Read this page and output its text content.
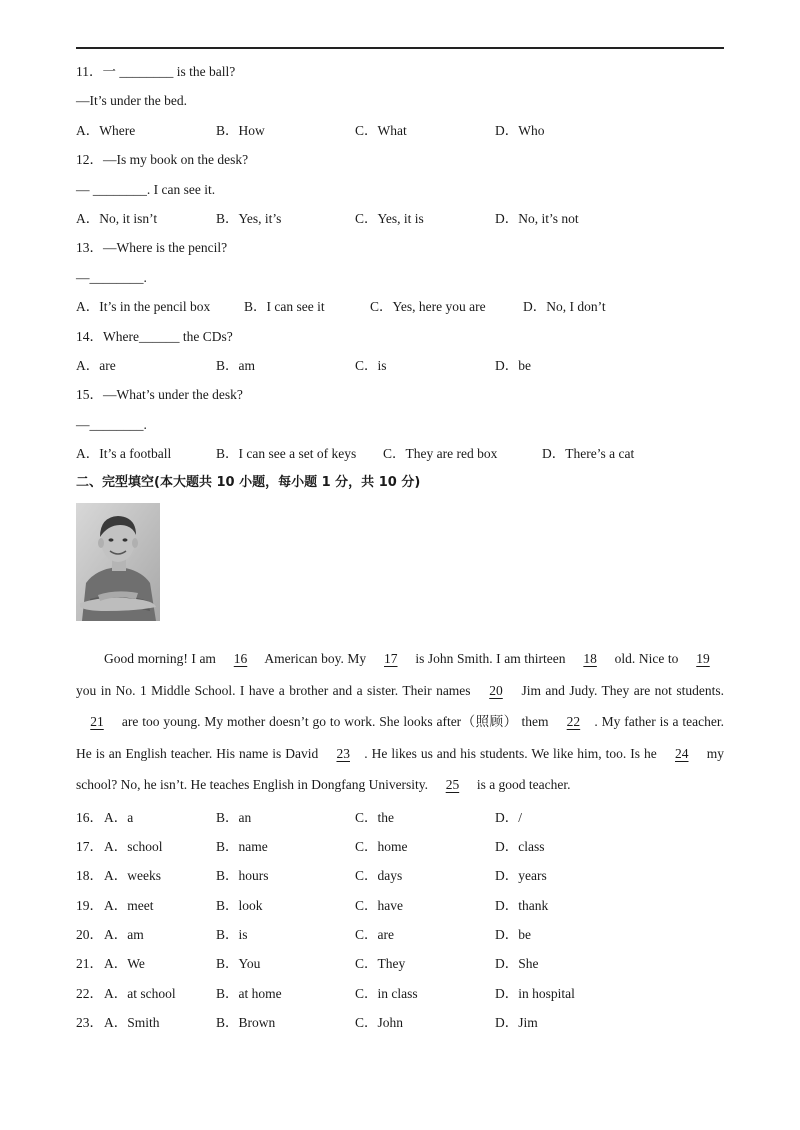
11．一 ________ is the ball?
—It’s under the bed.
A．Where	B．How	C．What	D．Who
12．—Is my book on the desk?
— ________. I can see it.
A．No, it isn’t	B．Yes, it’s	C．Yes, it is	D．No, it’s not
13．—Where is the pencil?
—________.
A．It’s in the pencil box	B．I can see it	C．Yes, here you are	D．No, I don’t
14．Where______ the CDs?
A．are	B．am	C．is	D．be
15．—What’s under the desk?
—________.
A．It’s a football	B．I can see a set of keys C．They are red box	D．There’s a cat
二、完型填空(本大题共 10 小题，每小题 1 分，共 10 分)
Good morning! I am 16 American boy. My 17 is John Smith. I am thirteen 18 old. Nice to 19 you in No. 1 Middle School. I have a brother and a sister. Their names 20 Jim and Judy. They are not students. 21 are too young. My mother doesn’t go to work. She looks after（照顾） them 22 . My father is a teacher. He is an English teacher. His name is David 23 . He likes us and his students. We like him, too. Is he 24 my school? No, he isn’t. He teaches English in Dongfang University. 25 is a good teacher.
16． A．a	B．an	C．the	D．/
17． A．school	B．name	C．home	D．class
18． A．weeks	B．hours	C．days	D．years
19． A．meet	B．look	C．have	D．thank
20． A．am	B．is	C．are	D．be
21． A．We	B．You	C．They	D．She
22． A．at school	B．at home	C．in class	D．in hospital
23． A．Smith	B．Brown	C．John	D．Jim
